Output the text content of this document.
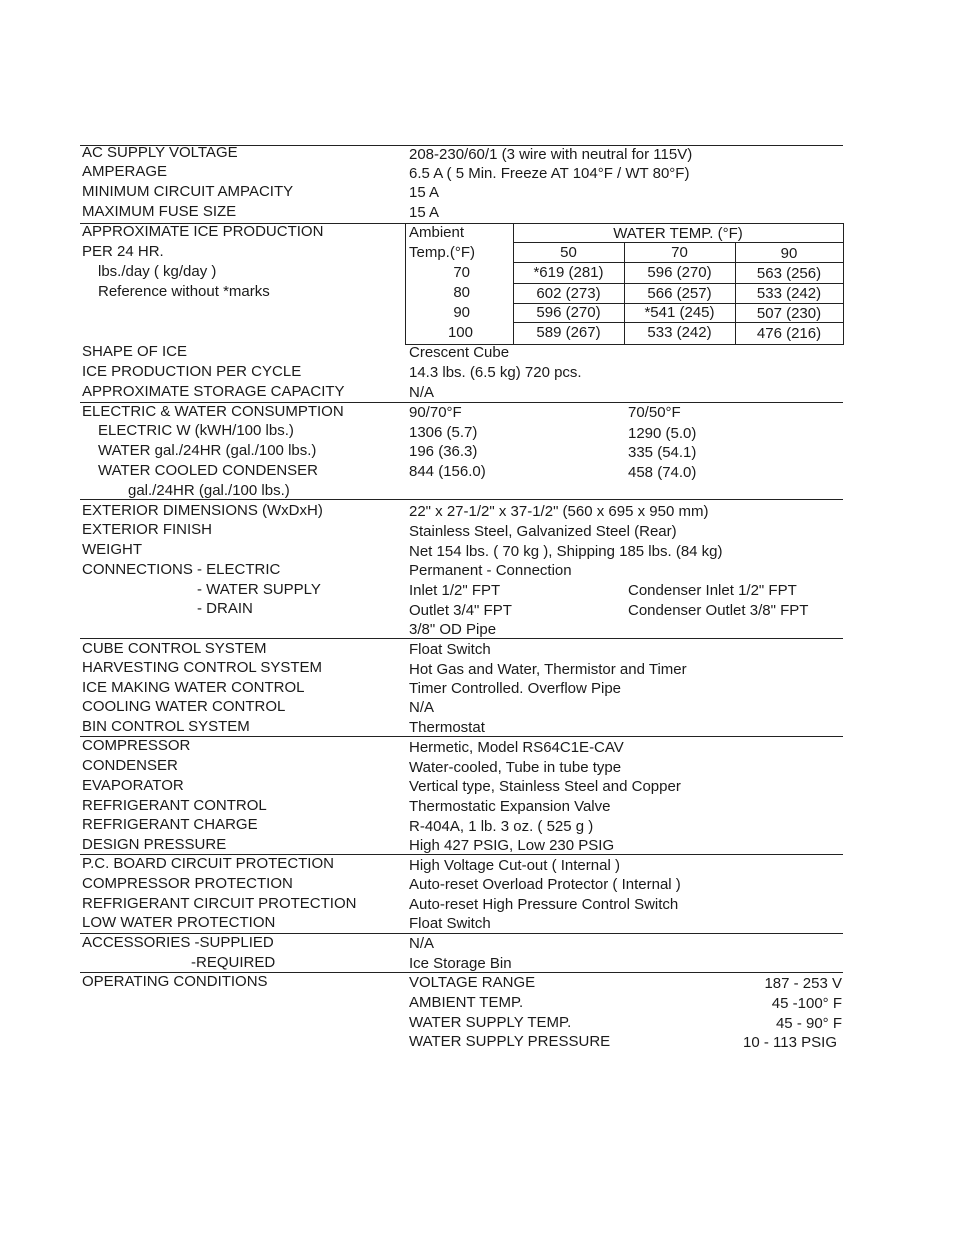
AC SUPPLY VOLTAGE	208-230/60/1 (3 wire with neutral for 115V)
AMPERAGE	6.5 A ( 5 Min. Freeze AT 104°F / WT 80°F)
MINIMUM CIRCUIT AMPACITY	15 A
MAXIMUM FUSE SIZE	15 A
APPROXIMATE ICE PRODUCTION
PER 24 HR.
lbs./day ( kg/day )
Reference without *marks
Ambient
Temp.(°F)
WATER TEMP. (°F)
50	70	90
70	*619 (281)	596 (270)	563 (256)
80	602 (273)	566 (257)	533 (242)
90	596 (270)	*541 (245)	507 (230)
100	589 (267)	533 (242)	476 (216)
SHAPE OF ICE	Crescent Cube
ICE PRODUCTION PER CYCLE	14.3 lbs. (6.5 kg) 720 pcs.
APPROXIMATE STORAGE CAPACITY	N/A
ELECTRIC & WATER CONSUMPTION	90/70°F	70/50°F
ELECTRIC W (kWH/100 lbs.)	1306 (5.7)	1290 (5.0)
WATER gal./24HR (gal./100 lbs.)	196 (36.3)	335 (54.1)
WATER COOLED CONDENSER	844 (156.0)	458 (74.0)
gal./24HR (gal./100 lbs.)
EXTERIOR DIMENSIONS (WxDxH)	22" x 27-1/2" x 37-1/2" (560 x 695 x 950 mm)
EXTERIOR FINISH	Stainless Steel, Galvanized Steel (Rear)
WEIGHT	Net 154 lbs. ( 70 kg ), Shipping 185 lbs. (84 kg)
CONNECTIONS - ELECTRIC	Permanent - Connection
- WATER SUPPLY	Inlet 1/2" FPT	Condenser Inlet 1/2" FPT
- DRAIN	Outlet 3/4" FPT	Condenser Outlet 3/8" FPT
3/8" OD Pipe
CUBE CONTROL SYSTEM	Float Switch
HARVESTING CONTROL SYSTEM	Hot Gas and Water, Thermistor and Timer
ICE MAKING WATER CONTROL	Timer Controlled. Overflow Pipe
COOLING WATER CONTROL	N/A
BIN CONTROL SYSTEM	Thermostat
COMPRESSOR	Hermetic, Model RS64C1E-CAV
CONDENSER	Water-cooled, Tube in tube type
EVAPORATOR	Vertical type, Stainless Steel and Copper
REFRIGERANT CONTROL	Thermostatic Expansion Valve
REFRIGERANT CHARGE	R-404A, 1 lb. 3 oz. ( 525 g )
DESIGN PRESSURE	High 427 PSIG, Low 230 PSIG
P.C. BOARD CIRCUIT PROTECTION	High Voltage Cut-out ( Internal )
COMPRESSOR PROTECTION	Auto-reset Overload Protector ( Internal )
REFRIGERANT CIRCUIT PROTECTION	Auto-reset High Pressure Control Switch
LOW WATER PROTECTION	Float Switch
ACCESSORIES -SUPPLIED	N/A
-REQUIRED	Ice Storage Bin
OPERATING CONDITIONS	VOLTAGE RANGE	187 - 253 V
AMBIENT TEMP.	45 -100° F
WATER SUPPLY TEMP.	45 - 90° F
WATER SUPPLY PRESSURE	10 - 113 PSIG
